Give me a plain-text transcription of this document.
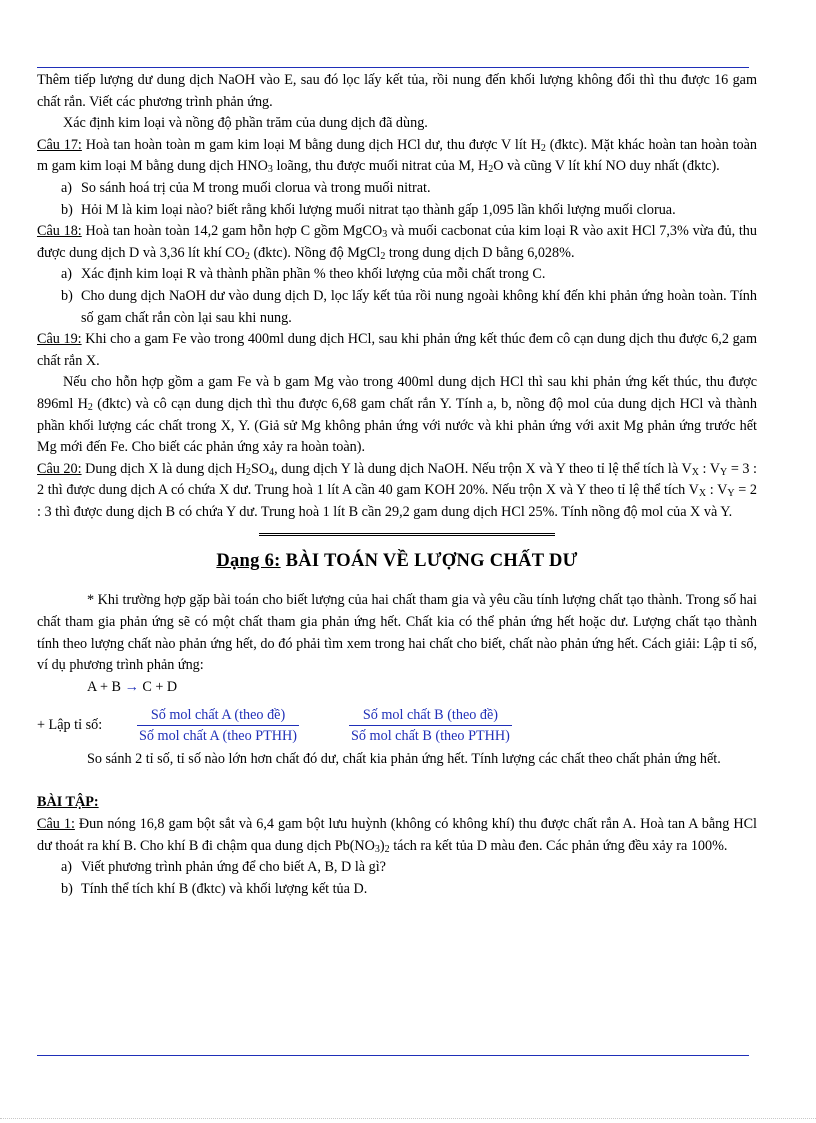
Thêm tiếp lượng dư dung dịch NaOH vào E, sau đó lọc lấy kết tủa, rồi nung đến khối lượng không đổi thì thu được 16 gam chất rắn. Viết các phương trình phản ứng.

Xác định kim loại và nồng độ phần trăm của dung dịch đã dùng.

Câu 17: Hoà tan hoàn toàn m gam kim loại M bằng dung dịch HCl dư, thu được V lít $H_2$ (đktc). Mặt khác hoàn tan hoàn toàn m gam kim loại M bằng dung dịch $HNO_3$ loãng, thu được muối nitrat của M, $H_2O$ và cũng V lít khí NO duy nhất (đktc).

a) So sánh hoá trị của M trong muối clorua và trong muối nitrat.
b) Hỏi M là kim loại nào? biết rằng khối lượng muối nitrat tạo thành gấp 1,095 lần khối lượng muối clorua.

Câu 18: Hoà tan hoàn toàn 14,2 gam hỗn hợp C gồm MgCO$_3$ và muối cacbonat của kim loại R vào axit HCl 7,3% vừa đủ, thu được dung dịch D và 3,36 lít khí $CO_2$ (đktc). Nồng độ MgCl$_2$ trong dung dịch D bằng 6,028%.

a) Xác định kim loại R và thành phần phần % theo khối lượng của mỗi chất trong C.
b) Cho dung dịch NaOH dư vào dung dịch D, lọc lấy kết tủa rồi nung ngoài không khí đến khi phản ứng hoàn toàn. Tính số gam chất rắn còn lại sau khi nung.

Câu 19: Khi cho a gam Fe vào trong 400ml dung dịch HCl, sau khi phản ứng kết thúc đem cô cạn dung dịch thu được 6,2 gam chất rắn X.

Nếu cho hỗn hợp gồm a gam Fe và b gam Mg vào trong 400ml dung dịch HCl thì sau khi phản ứng kết thúc, thu được 896ml $H_2$ (đktc) và cô cạn dung dịch thì thu được 6,68 gam chất rắn Y. Tính a, b, nồng độ mol của dung dịch HCl và thành phần khối lượng các chất trong X, Y. (Giả sử Mg không phản ứng với nước và khi phản ứng với axit Mg phản ứng trước hết Mg mới đến Fe. Cho biết các phản ứng xảy ra hoàn toàn).

Câu 20: Dung dịch X là dung dịch $H_2SO_4$, dung dịch Y là dung dịch NaOH. Nếu trộn X và Y theo tỉ lệ thể tích là $V_X$ : $V_Y = 3$ : 2 thì được dung dịch A có chứa X dư. Trung hoà 1 lít A cần 40 gam KOH 20%. Nếu trộn X và Y theo tỉ lệ thể tích $V_X$ : $V_Y = 2$ : 3 thì được dung dịch B có chứa Y dư. Trung hoà 1 lít B cần 29,2 gam dung dịch HCl 25%. Tính nồng độ mol của X và Y.

Dạng 6: BÀI TOÁN VỀ LƯỢNG CHẤT DƯ

* Khi trường hợp gặp bài toán cho biết lượng của hai chất tham gia và yêu cầu tính lượng chất tạo thành. Trong số hai chất tham gia phản ứng sẽ có một chất tham gia phản ứng hết. Chất kia có thể phản ứng hết hoặc dư. Lượng chất tạo thành tính theo lượng chất nào phản ứng hết, do đó phải tìm xem trong hai chất cho biết, chất nào phản ứng hết. Cách giải: Lập tỉ số, ví dụ phương trình phản ứng:

A + B → C + D
+ Lập tỉ số:	$\frac{\text{Số mol chất A (theo đề)}}{\text{Số mol chất A (theo PTHH)}}$	$\frac{\text{Số mol chất B (theo đề)}}{\text{Số mol chất B (theo PTHH)}}$

So sánh 2 tỉ số, tỉ số nào lớn hơn chất đó dư, chất kia phản ứng hết. Tính lượng các chất theo chất phản ứng hết.

BÀI TẬP:

Câu 1: Đun nóng 16,8 gam bột sắt và 6,4 gam bột lưu huỳnh (không có không khí) thu được chất rắn A. Hoà tan A bằng HCl dư thoát ra khí B. Cho khí B đi chậm qua dung dịch $Pb(NO_3)_2$ tách ra kết tủa D màu đen. Các phản ứng đều xảy ra 100%.

a) Viết phương trình phản ứng để cho biết A, B, D là gì?
b) Tính thể tích khí B (đktc) và khối lượng kết tủa D.
